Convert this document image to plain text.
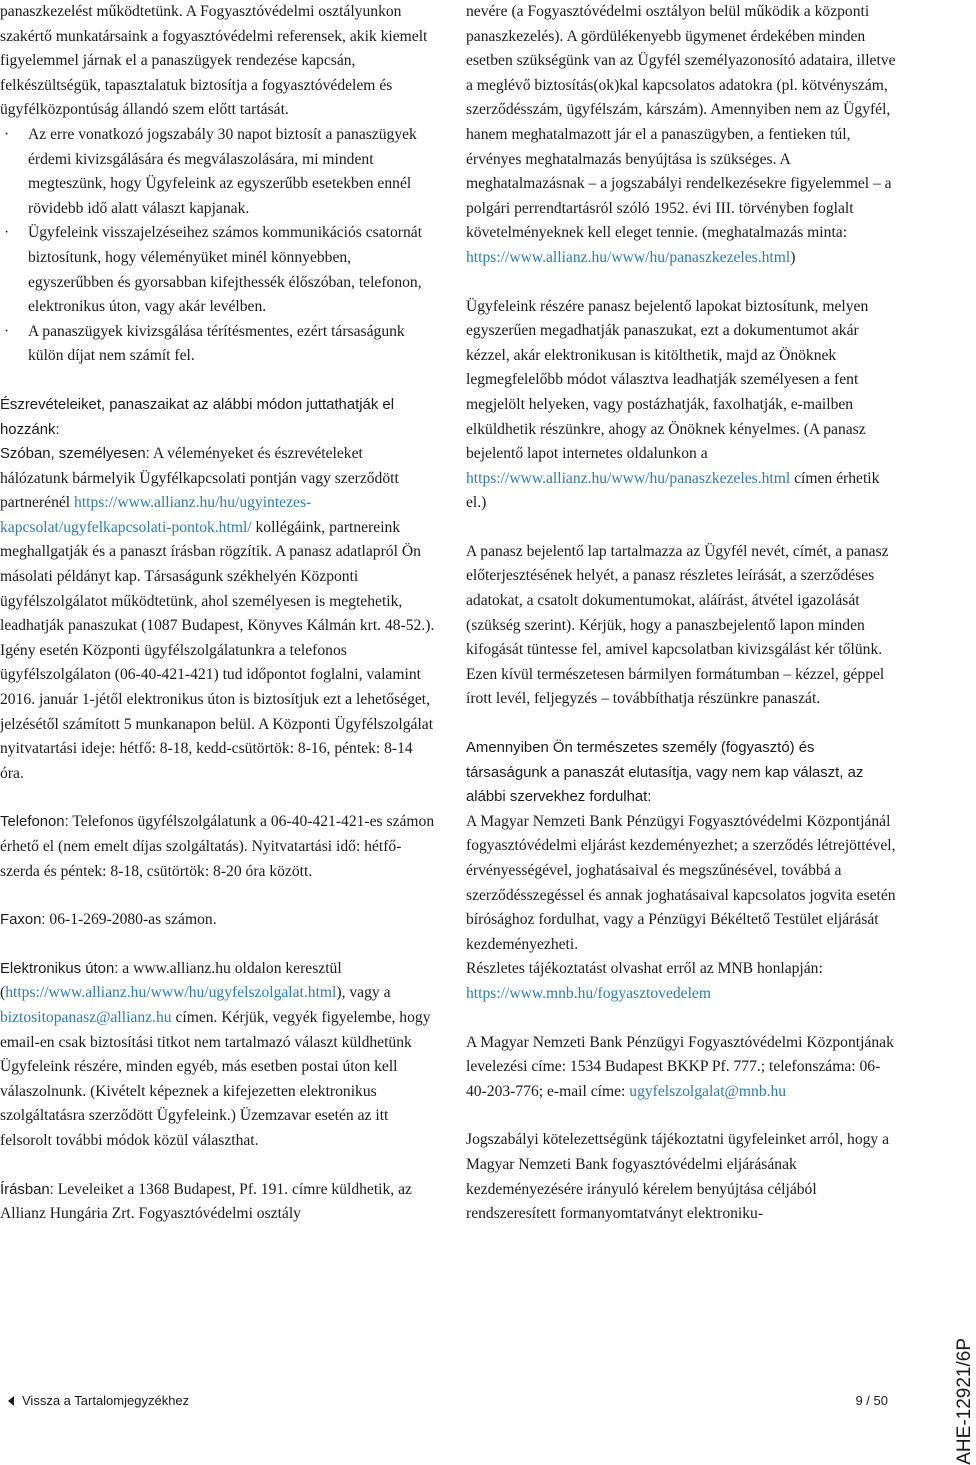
panaszkezelést működtetünk. A Fogyasztóvédelmi osztályunkon szakértő munkatársaink a fogyasztóvédelmi referensek, akik kiemelt figyelemmel járnak el a panaszügyek rendezése kapcsán, felkészültségük, tapasztalatuk biztosítja a fogyasztóvédelem és ügyfélközpontúság állandó szem előtt tartását.

· Az erre vonatkozó jogszabály 30 napot biztosít a panaszügyek érdemi kivizsgálására és megválaszolására, mi mindent megteszünk, hogy Ügyfeleink az egyszerűbb esetekben ennél rövidebb idő alatt választ kapjanak.
· Ügyfeleink visszajelzéseihez számos kommunikációs csatornát biztosítunk, hogy véleményüket minél könnyebben, egyszerűbben és gyorsabban kifejthessék élőszóban, telefonon, elektronikus úton, vagy akár levélben.
· A panaszügyek kivizsgálása térítésmentes, ezért társaságunk külön díjat nem számít fel.

Észrevételeiket, panaszaikat az alábbi módon juttathatják el hozzánk:

Szóban, személyesen: A véleményeket és észrevételeket hálózatunk bármelyik Ügyfélkapcsolati pontján vagy szerződött partnerénél https://www.allianz.hu/hu/ugyintezes-kapcsolat/ugyfelkapcsolati-pontok.html/ kollégáink, partnereink meghallgatják és a panaszt írásban rögzítik. A panasz adatlapról Ön másolati példányt kap. Társaságunk székhelyén Központi ügyfélszolgálatot működtetünk, ahol személyesen is megtehetik, leadhatják panaszukat (1087 Budapest, Könyves Kálmán krt. 48-52.). Igény esetén Központi ügyfélszolgálatunkra a telefonos ügyfélszolgálaton (06-40-421-421) tud időpontot foglalni, valamint 2016. január 1-jétől elektronikus úton is biztosítjuk ezt a lehetőséget, jelzésétől számított 5 munkanapon belül. A Központi Ügyfélszolgálat nyitvatartási ideje: hétfő: 8-18, kedd-csütörtök: 8-16, péntek: 8-14 óra.

Telefonon: Telefonos ügyfélszolgálatunk a 06-40-421-421-es számon érhető el (nem emelt díjas szolgáltatás). Nyitvatartási idő: hétfő-szerda és péntek: 8-18, csütörtök: 8-20 óra között.

Faxon: 06-1-269-2080-as számon.

Elektronikus úton: a www.allianz.hu oldalon keresztül (https://www.allianz.hu/www/hu/ugyfelszolgalat.html), vagy a biztositopanasz@allianz.hu címen. Kérjük, vegyék figyelembe, hogy email-en csak biztosítási titkot nem tartalmazó választ küldhetünk Ügyfeleink részére, minden egyéb, más esetben postai úton kell válaszolnunk. (Kivételt képeznek a kifejezetten elektronikus szolgáltatásra szerződött Ügyfeleink.) Üzemzavar esetén az itt felsorolt további módok közül választhat.

Írásban: Leveleiket a 1368 Budapest, Pf. 191. címre küldhetik, az Allianz Hungária Zrt. Fogyasztóvédelmi osztály

nevére (a Fogyasztóvédelmi osztályon belül működik a központi panaszkezelés). A gördülékenyebb ügymenet érdekében minden esetben szükségünk van az Ügyfél személyazonosító adataira, illetve a meglévő biztosítás(ok)kal kapcsolatos adatokra (pl. kötvényszám, szerződésszám, ügyfélszám, kárszám). Amennyiben nem az Ügyfél, hanem meghatalmazott jár el a panaszügyben, a fentieken túl, érvényes meghatalmazás benyújtása is szükséges. A meghatalmazásnak – a jogszabályi rendelkezésekre figyelemmel – a polgári perrendtartásról szóló 1952. évi III. törvényben foglalt követelményeknek kell eleget tennie. (meghatalmazás minta: https://www.allianz.hu/www/hu/panaszkezeles.html)

Ügyfeleink részére panasz bejelentő lapokat biztosítunk, melyen egyszerűen megadhatják panaszukat, ezt a dokumentumot akár kézzel, akár elektronikusan is kitölthetik, majd az Önöknek legmegfelelőbb módot választva leadhatják személyesen a fent megjelölt helyeken, vagy postázhatják, faxolhatják, e-mailben elküldhetik részünkre, ahogy az Önöknek kényelmes. (A panasz bejelentő lapot internetes oldalunkon a https://www.allianz.hu/www/hu/panaszkezeles.html címen érhetik el.)

A panasz bejelentő lap tartalmazza az Ügyfél nevét, címét, a panasz előterjesztésének helyét, a panasz részletes leírását, a szerződéses adatokat, a csatolt dokumentumokat, aláírást, átvétel igazolását (szükség szerint). Kérjük, hogy a panaszbejelentő lapon minden kifogását tüntesse fel, amivel kapcsolatban kivizsgálást kér tőlünk. Ezen kívül természetesen bármilyen formátumban – kézzel, géppel írott levél, feljegyzés – továbbíthatja részünkre panaszát.

Amennyiben Ön természetes személy (fogyasztó) és társaságunk a panaszát elutasítja, vagy nem kap választ, az alábbi szervekhez fordulhat:

A Magyar Nemzeti Bank Pénzügyi Fogyasztóvédelmi Központjánál fogyasztóvédelmi eljárást kezdeményezhet; a szerződés létrejöttével, érvényességével, joghatásaival és megszűnésével, továbbá a szerződésszegéssel és annak joghatásaival kapcsolatos jogvita esetén bírósághoz fordulhat, vagy a Pénzügyi Békéltető Testület eljárását kezdeményezheti.

Részletes tájékoztatást olvashat erről az MNB honlapján: https://www.mnb.hu/fogyasztovedelem

A Magyar Nemzeti Bank Pénzügyi Fogyasztóvédelmi Központjának levelezési címe: 1534 Budapest BKKP Pf. 777.; telefonszáma: 06-40-203-776; e-mail címe: ugyfelszolgalat@mnb.hu

Jogszabályi kötelezettségünk tájékoztatni ügyfeleinket arról, hogy a Magyar Nemzeti Bank fogyasztóvédelmi eljárásának kezdeményezésére irányuló kérelem benyújtása céljából rendszeresített formanyomtatványt elektroniku-

AHE-12921/6P
Vissza a Tartalomjegyzékhez	9 / 50
